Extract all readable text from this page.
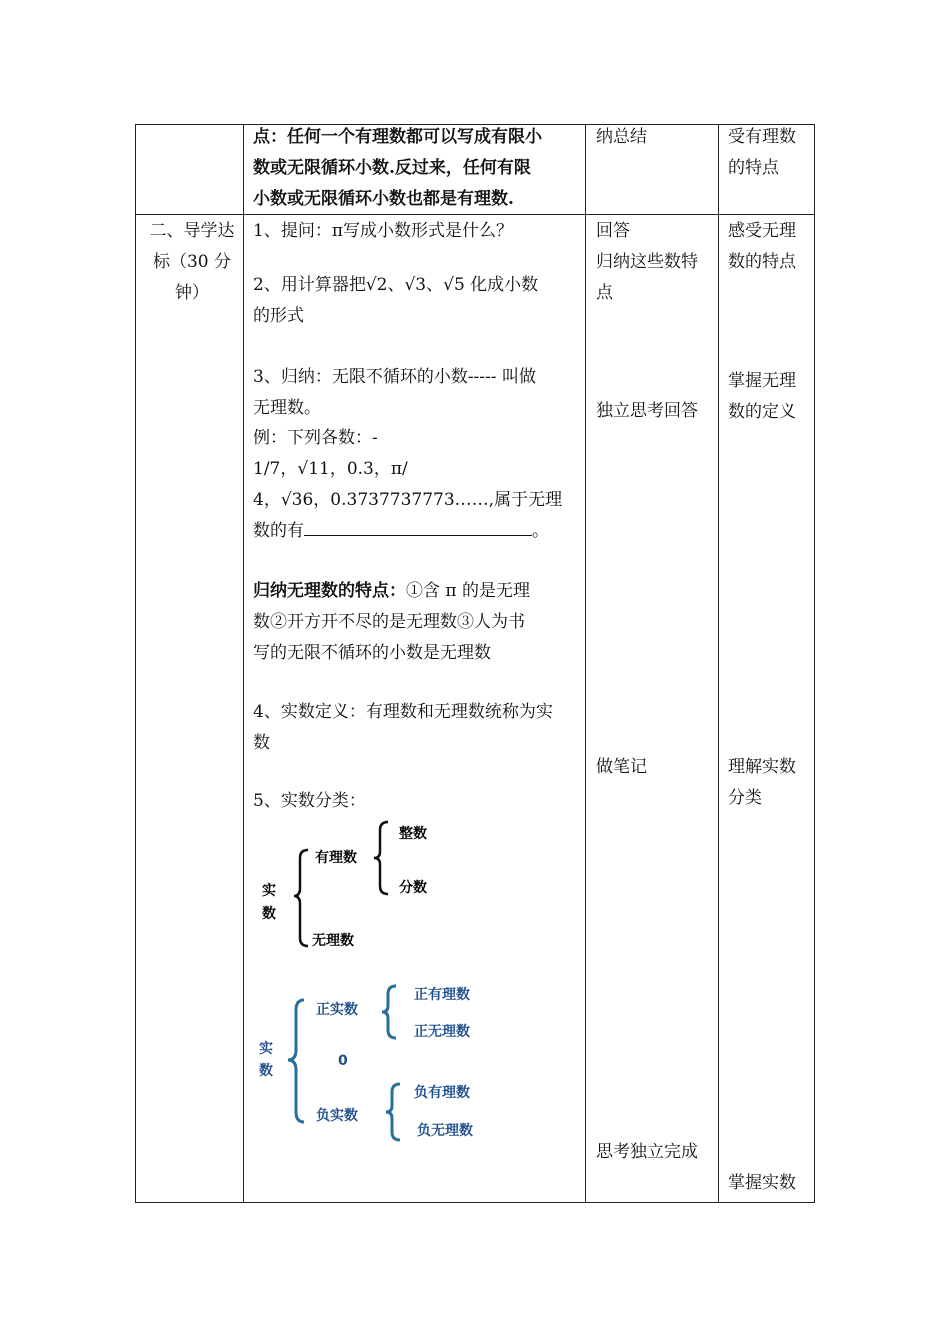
点：任何一个有理数都可以写成有限小
数或无限循环小数.反过来，任何有限
小数或无限循环小数也都是有理数.
纳总结	受有理数
的特点
二、导学达
标（30 分
钟）
1、提问：π写成小数形式是什么？
2、用计算器把√2、√3、√5 化成小数
的形式
3、归纳：无限不循环的小数----- 叫做
无理数。
例：下列各数：-
1/7，√11，0.3，π/
4，√36，0.3737737773……,属于无理
数的有	。
归纳无理数的特点：①含 π 的是无理
数②开方开不尽的是无理数③人为书
写的无限不循环的小数是无理数
4、实数定义：有理数和无理数统称为实
数
5、实数分类：
实
数
有理数
无理数
整数
分数
实
数
正实数
0
负实数
正有理数
正无理数
负有理数
负无理数
回答
归纳这些数特
点
独立思考回答
做笔记
思考独立完成
感受无理
数的特点
掌握无理
数的定义
理解实数
分类
掌握实数
